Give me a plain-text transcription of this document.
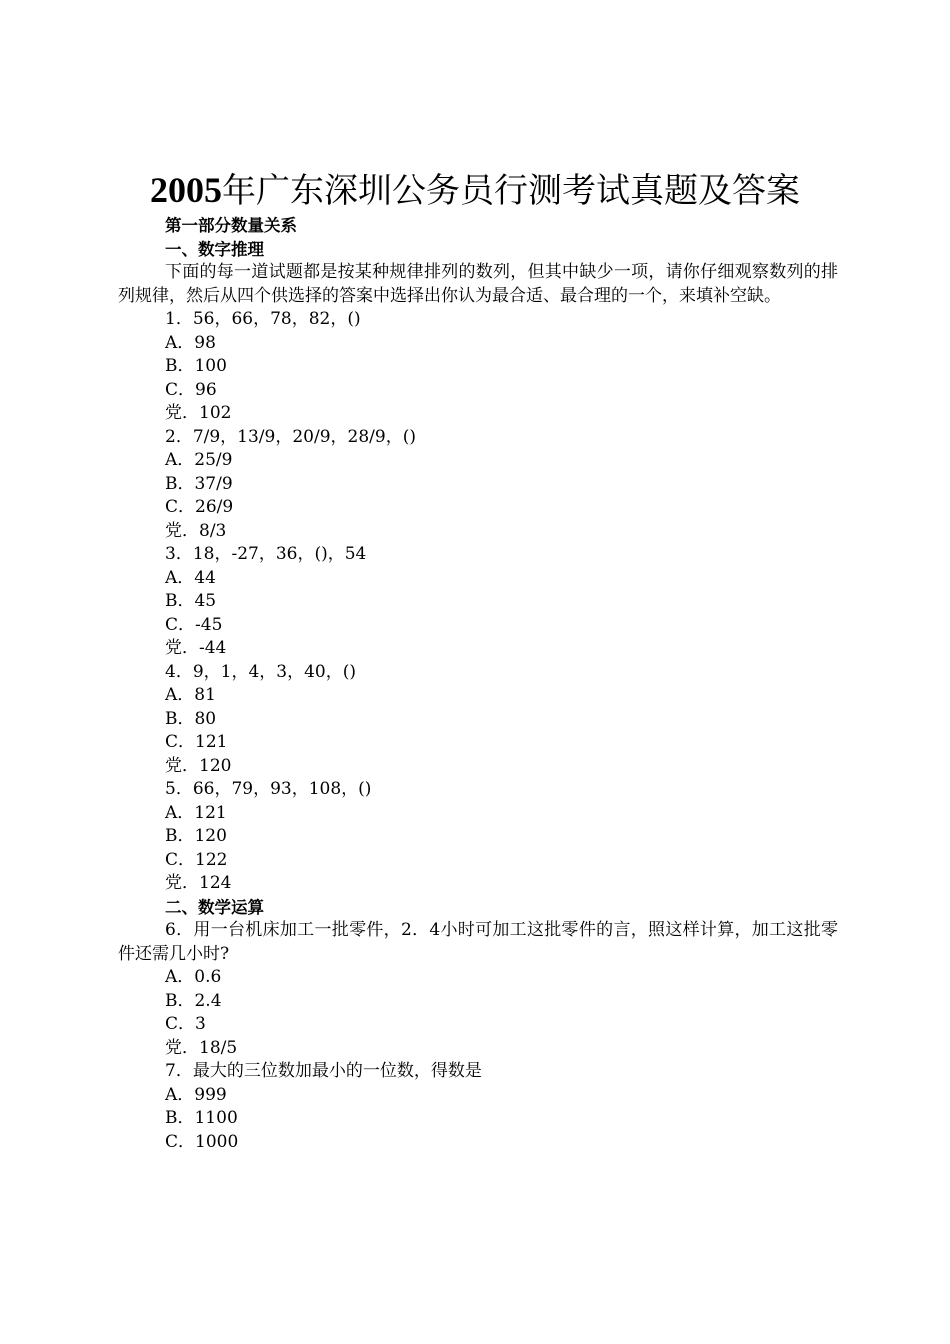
2005年广东深圳公务员行测考试真题及答案
第一部分数量关系
一、数字推理
下面的每一道试题都是按某种规律排列的数列，但其中缺少一项，请你仔细观察数列的排列规律，然后从四个供选择的答案中选择出你认为最合适、最合理的一个，来填补空缺。
1．56，66，78，82，()
A．98
B．100
C．96
党．102
2．7/9，13/9，20/9，28/9，()
A．25/9
B．37/9
C．26/9
党．8/3
3．18，-27，36，()，54
A．44
B．45
C．-45
党．-44
4．9，1，4，3，40，()
A．81
B．80
C．121
党．120
5．66，79，93，108，()
A．121
B．120
C．122
党．124
二、数学运算
6．用一台机床加工一批零件，2．4小时可加工这批零件的言，照这样计算，加工这批零件还需几小时?
A．0.6
B．2.4
C．3
党．18/5
7．最大的三位数加最小的一位数，得数是
A．999
B．1100
C．1000
